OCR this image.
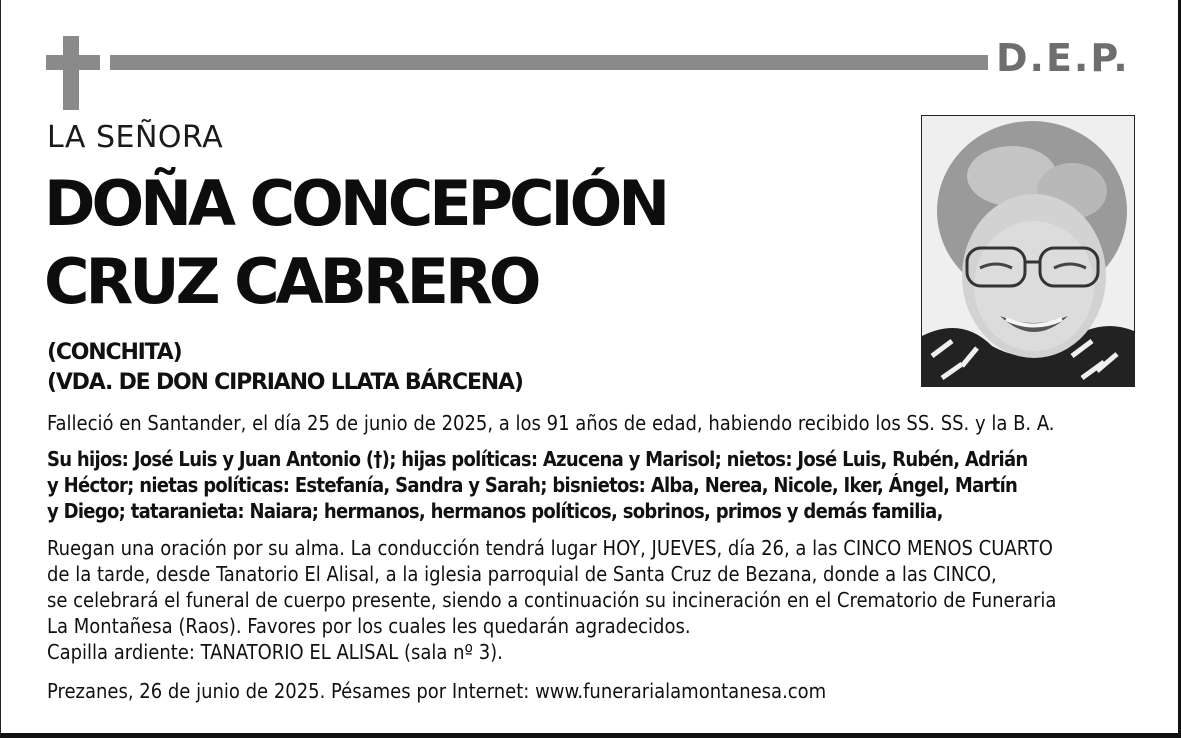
D.E.P.
LA SEÑORA
DOÑA CONCEPCIÓN
CRUZ CABRERO
(CONCHITA)
(VDA. DE DON CIPRIANO LLATA BÁRCENA)

Falleció en Santander, el día 25 de junio de 2025, a los 91 años de edad, habiendo recibido los SS. SS. y la B. A.

Su hijos: José Luis y Juan Antonio (†); hijas políticas: Azucena y Marisol; nietos: José Luis, Rubén, Adrián
y Héctor; nietas políticas: Estefanía, Sandra y Sarah; bisnietos: Alba, Nerea, Nicole, Iker, Ángel, Martín
y Diego; tataranieta: Naiara; hermanos, hermanos políticos, sobrinos, primos y demás familia,

Ruegan una oración por su alma. La conducción tendrá lugar HOY, JUEVES, día 26, a las CINCO MENOS CUARTO
de la tarde, desde Tanatorio El Alisal, a la iglesia parroquial de Santa Cruz de Bezana, donde a las CINCO,
se celebrará el funeral de cuerpo presente, siendo a continuación su incineración en el Crematorio de Funeraria
La Montañesa (Raos). Favores por los cuales les quedarán agradecidos.
Capilla ardiente: TANATORIO EL ALISAL (sala nº 3).

Prezanes, 26 de junio de 2025. Pésames por Internet: www.funerarialamontanesa.com
